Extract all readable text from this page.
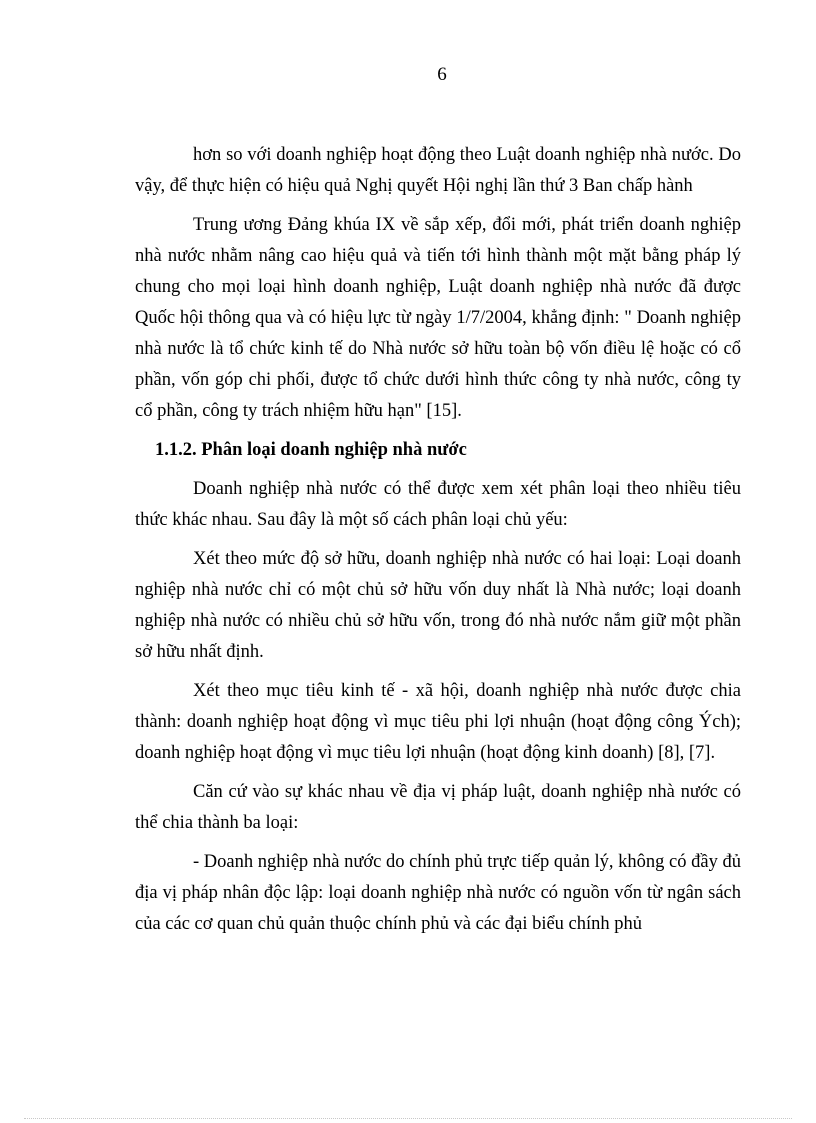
6

hơn so với doanh nghiệp hoạt động theo Luật doanh nghiệp nhà nước. Do vậy, để thực hiện có hiệu quả Nghị quyết Hội nghị lần thứ 3 Ban chấp hành

Trung ương Đảng khúa IX về sắp xếp, đổi mới, phát triển doanh nghiệp nhà nước nhằm nâng cao hiệu quả và tiến tới hình thành một mặt bằng pháp lý chung cho mọi loại hình doanh nghiệp, Luật doanh nghiệp nhà nước đã được Quốc hội thông qua và có hiệu lực từ ngày 1/7/2004, khẳng định: " Doanh nghiệp nhà nước là tổ chức kinh tế do Nhà nước sở hữu toàn bộ vốn điều lệ hoặc có cổ phần, vốn góp chi phối, được tổ chức dưới hình thức công ty nhà nước, công ty cổ phần, công ty trách nhiệm hữu hạn" [15].

1.1.2. Phân loại doanh nghiệp nhà nước

Doanh nghiệp nhà nước có thể được xem xét phân loại theo nhiều tiêu thức khác nhau. Sau đây là một số cách phân loại chủ yếu:

Xét theo mức độ sở hữu, doanh nghiệp nhà nước có hai loại: Loại doanh nghiệp nhà nước chỉ có một chủ sở hữu vốn duy nhất là Nhà nước; loại doanh nghiệp nhà nước có nhiều chủ sở hữu vốn, trong đó nhà nước nắm giữ một phần sở hữu nhất định.

Xét theo mục tiêu kinh tế - xã hội, doanh nghiệp nhà nước được chia thành: doanh nghiệp hoạt động vì mục tiêu phi lợi nhuận (hoạt động công Ých); doanh nghiệp hoạt động vì mục tiêu lợi nhuận (hoạt động kinh doanh) [8], [7].

Căn cứ vào sự khác nhau về địa vị pháp luật, doanh nghiệp nhà nước có thể chia thành ba loại:

- Doanh nghiệp nhà nước do chính phủ trực tiếp quản lý, không có đầy đủ địa vị pháp nhân độc lập: loại doanh nghiệp nhà nước có nguồn vốn từ ngân sách của các cơ quan chủ quản thuộc chính phủ và các đại biểu chính phủ
